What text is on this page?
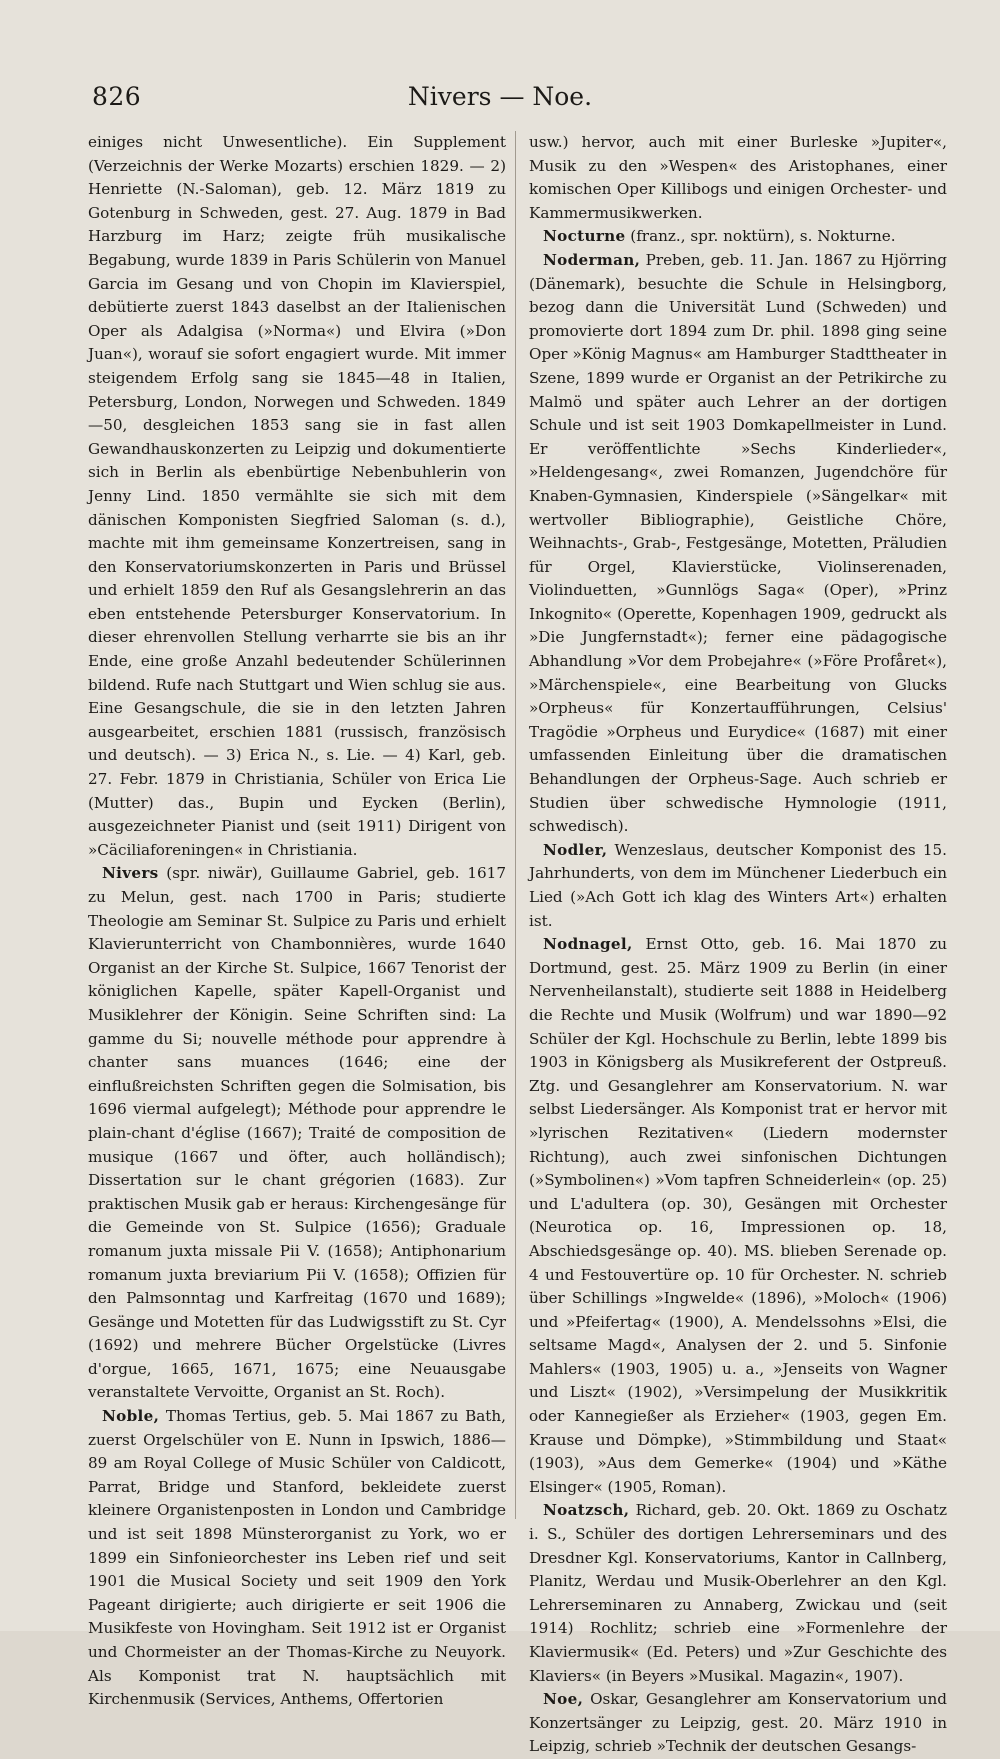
826	Nivers — Noe.

einiges nicht Unwesentliche). Ein Supplement (Verzeichnis der Werke Mozarts) erschien 1829. — 2) Henriette (N.-Saloman), geb. 12. März 1819 zu Gotenburg in Schweden, gest. 27. Aug. 1879 in Bad Harzburg im Harz; zeigte früh musikalische Begabung, wurde 1839 in Paris Schülerin von Manuel Garcia im Gesang und von Chopin im Klavierspiel, debütierte zuerst 1843 daselbst an der Italienischen Oper als Adalgisa (»Norma«) und Elvira (»Don Juan«), worauf sie sofort engagiert wurde. Mit immer steigendem Erfolg sang sie 1845—48 in Italien, Petersburg, London, Norwegen und Schweden. 1849—50, desgleichen 1853 sang sie in fast allen Gewandhauskonzerten zu Leipzig und dokumentierte sich in Berlin als ebenbürtige Nebenbuhlerin von Jenny Lind. 1850 vermählte sie sich mit dem dänischen Komponisten Siegfried Saloman (s. d.), machte mit ihm gemeinsame Konzertreisen, sang in den Konservatoriumskonzerten in Paris und Brüssel und erhielt 1859 den Ruf als Gesangslehrerin an das eben entstehende Petersburger Konservatorium. In dieser ehrenvollen Stellung verharrte sie bis an ihr Ende, eine große Anzahl bedeutender Schülerinnen bildend. Rufe nach Stuttgart und Wien schlug sie aus. Eine Gesangschule, die sie in den letzten Jahren ausgearbeitet, erschien 1881 (russisch, französisch und deutsch). — 3) Erica N., s. Lie. — 4) Karl, geb. 27. Febr. 1879 in Christiania, Schüler von Erica Lie (Mutter) das., Bupin und Eycken (Berlin), ausgezeichneter Pianist und (seit 1911) Dirigent von »Cäciliaforeningen« in Christiania.

Nivers (spr. niwär), Guillaume Gabriel, geb. 1617 zu Melun, gest. nach 1700 in Paris; studierte Theologie am Seminar St. Sulpice zu Paris und erhielt Klavierunterricht von Chambonnières, wurde 1640 Organist an der Kirche St. Sulpice, 1667 Tenorist der königlichen Kapelle, später Kapell-Organist und Musiklehrer der Königin. Seine Schriften sind: La gamme du Si; nouvelle méthode pour apprendre à chanter sans muances (1646; eine der einflußreichsten Schriften gegen die Solmisation, bis 1696 viermal aufgelegt); Méthode pour apprendre le plain-chant d'église (1667); Traité de composition de musique (1667 und öfter, auch holländisch); Dissertation sur le chant grégorien (1683). Zur praktischen Musik gab er heraus: Kirchengesänge für die Gemeinde von St. Sulpice (1656); Graduale romanum juxta missale Pii V. (1658); Antiphonarium romanum juxta breviarium Pii V. (1658); Offizien für den Palmsonntag und Karfreitag (1670 und 1689); Gesänge und Motetten für das Ludwigsstift zu St. Cyr (1692) und mehrere Bücher Orgelstücke (Livres d'orgue, 1665, 1671, 1675; eine Neuausgabe veranstaltete Vervoitte, Organist an St. Roch).

Noble, Thomas Tertius, geb. 5. Mai 1867 zu Bath, zuerst Orgelschüler von E. Nunn in Ipswich, 1886—89 am Royal College of Music Schüler von Caldicott, Parrat, Bridge und Stanford, bekleidete zuerst kleinere Organistenposten in London und Cambridge und ist seit 1898 Münsterorganist zu York, wo er 1899 ein Sinfonieorchester ins Leben rief und seit 1901 die Musical Society und seit 1909 den York Pageant dirigierte; auch dirigierte er seit 1906 die Musikfeste von Hovingham. Seit 1912 ist er Organist und Chormeister an der Thomas-Kirche zu Neuyork. Als Komponist trat N. hauptsächlich mit Kirchenmusik (Services, Anthems, Offertorien

usw.) hervor, auch mit einer Burleske »Jupiter«, Musik zu den »Wespen« des Aristophanes, einer komischen Oper Killibogs und einigen Orchester- und Kammermusikwerken.

Nocturne (franz., spr. noktürn), s. Nokturne.

Noderman, Preben, geb. 11. Jan. 1867 zu Hjörring (Dänemark), besuchte die Schule in Helsingborg, bezog dann die Universität Lund (Schweden) und promovierte dort 1894 zum Dr. phil. 1898 ging seine Oper »König Magnus« am Hamburger Stadttheater in Szene, 1899 wurde er Organist an der Petrikirche zu Malmö und später auch Lehrer an der dortigen Schule und ist seit 1903 Domkapellmeister in Lund. Er veröffentlichte »Sechs Kinderlieder«, »Heldengesang«, zwei Romanzen, Jugendchöre für Knaben-Gymnasien, Kinderspiele (»Sängelkar« mit wertvoller Bibliographie), Geistliche Chöre, Weihnachts-, Grab-, Festgesänge, Motetten, Präludien für Orgel, Klavierstücke, Violinserenaden, Violinduetten, »Gunnlögs Saga« (Oper), »Prinz Inkognito« (Operette, Kopenhagen 1909, gedruckt als »Die Jungfernstadt«); ferner eine pädagogische Abhandlung »Vor dem Probejahre« (»Före Profåret«), »Märchenspiele«, eine Bearbeitung von Glucks »Orpheus« für Konzertaufführungen, Celsius' Tragödie »Orpheus und Eurydice« (1687) mit einer umfassenden Einleitung über die dramatischen Behandlungen der Orpheus-Sage. Auch schrieb er Studien über schwedische Hymnologie (1911, schwedisch).

Nodler, Wenzeslaus, deutscher Komponist des 15. Jahrhunderts, von dem im Münchener Liederbuch ein Lied (»Ach Gott ich klag des Winters Art«) erhalten ist.

Nodnagel, Ernst Otto, geb. 16. Mai 1870 zu Dortmund, gest. 25. März 1909 zu Berlin (in einer Nervenheilanstalt), studierte seit 1888 in Heidelberg die Rechte und Musik (Wolfrum) und war 1890—92 Schüler der Kgl. Hochschule zu Berlin, lebte 1899 bis 1903 in Königsberg als Musikreferent der Ostpreuß. Ztg. und Gesanglehrer am Konservatorium. N. war selbst Liedersänger. Als Komponist trat er hervor mit »lyrischen Rezitativen« (Liedern modernster Richtung), auch zwei sinfonischen Dichtungen (»Symbolinen«) »Vom tapfren Schneiderlein« (op. 25) und L'adultera (op. 30), Gesängen mit Orchester (Neurotica op. 16, Impressionen op. 18, Abschiedsgesänge op. 40). MS. blieben Serenade op. 4 und Festouvertüre op. 10 für Orchester. N. schrieb über Schillings »Ingwelde« (1896), »Moloch« (1906) und »Pfeifertag« (1900), A. Mendelssohns »Elsi, die seltsame Magd«, Analysen der 2. und 5. Sinfonie Mahlers« (1903, 1905) u. a., »Jenseits von Wagner und Liszt« (1902), »Versimpelung der Musikkritik oder Kannegießer als Erzieher« (1903, gegen Em. Krause und Dömpke), »Stimmbildung und Staat« (1903), »Aus dem Gemerke« (1904) und »Käthe Elsinger« (1905, Roman).

Noatzsch, Richard, geb. 20. Okt. 1869 zu Oschatz i. S., Schüler des dortigen Lehrerseminars und des Dresdner Kgl. Konservatoriums, Kantor in Callnberg, Planitz, Werdau und Musik-Oberlehrer an den Kgl. Lehrerseminaren zu Annaberg, Zwickau und (seit 1914) Rochlitz; schrieb eine »Formenlehre der Klaviermusik« (Ed. Peters) und »Zur Geschichte des Klaviers« (in Beyers »Musikal. Magazin«, 1907).

Noe, Oskar, Gesanglehrer am Konservatorium und Konzertsänger zu Leipzig, gest. 20. März 1910 in Leipzig, schrieb »Technik der deutschen Gesangs-
